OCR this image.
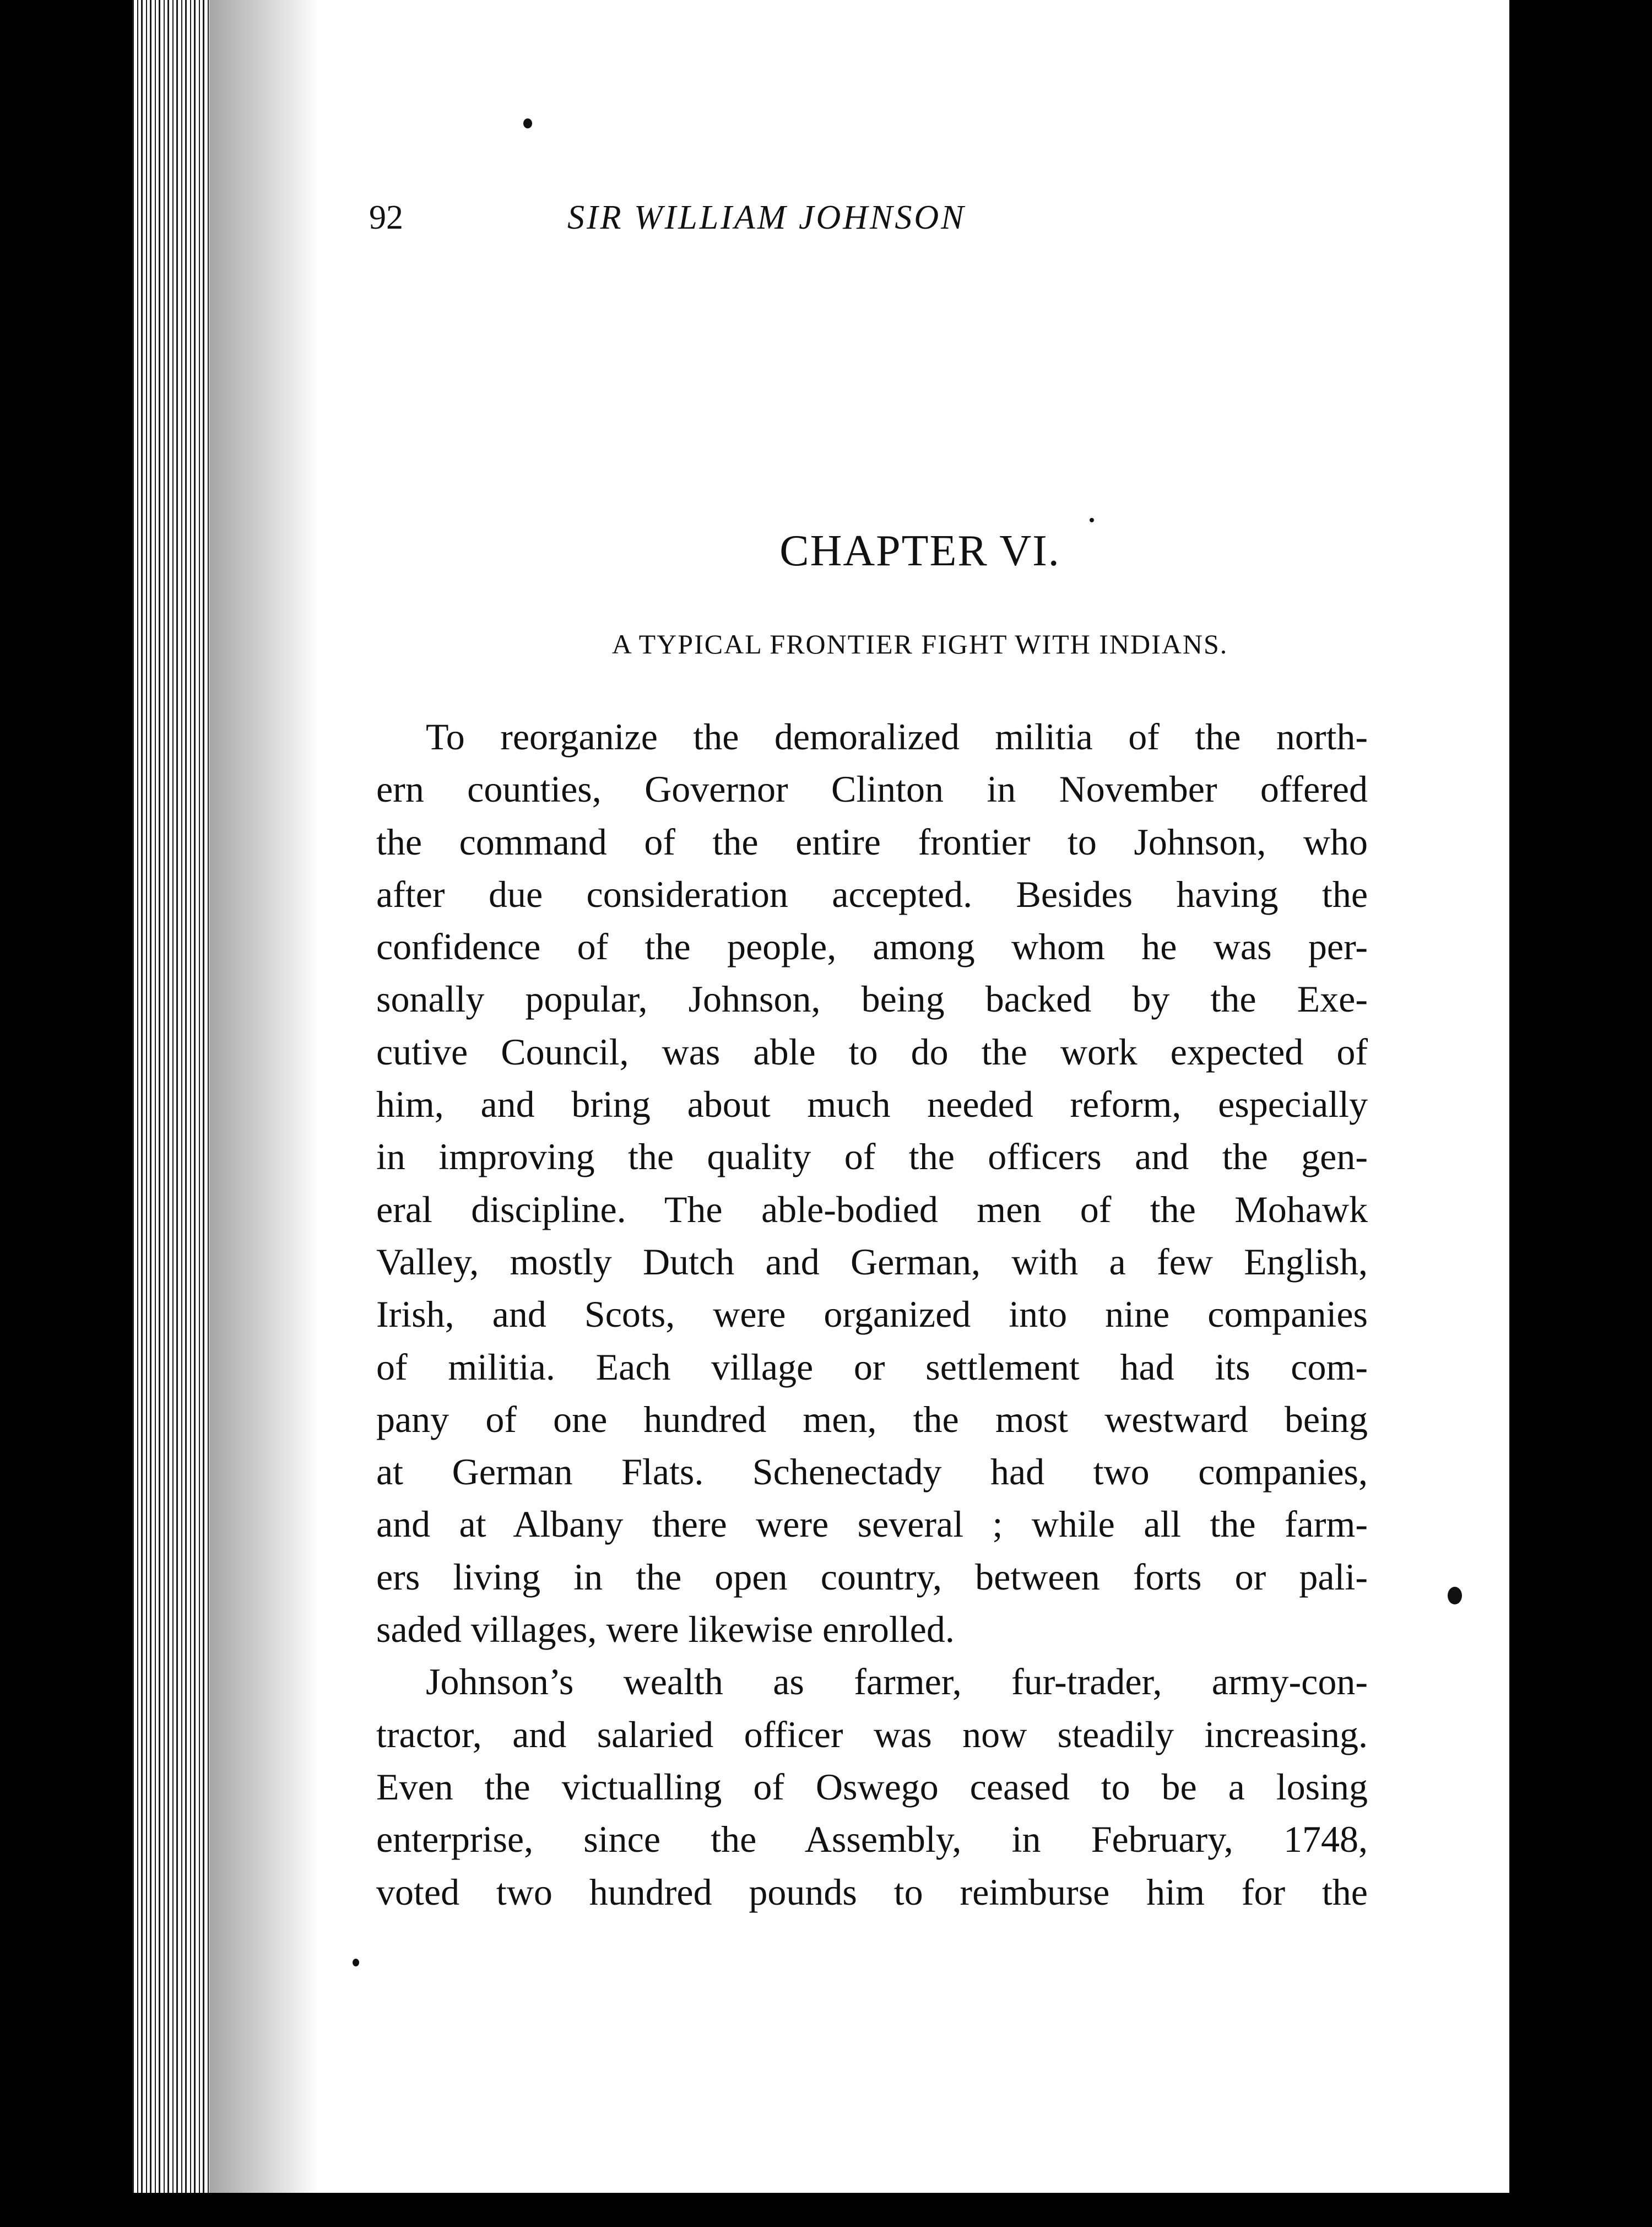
92	SIR WILLIAM JOHNSON
CHAPTER VI.
A TYPICAL FRONTIER FIGHT WITH INDIANS.
To reorganize the demoralized militia of the north-
ern counties, Governor Clinton in November offered
the command of the entire frontier to Johnson, who
after due consideration accepted. Besides having the
confidence of the people, among whom he was per-
sonally popular, Johnson, being backed by the Exe-
cutive Council, was able to do the work expected of
him, and bring about much needed reform, especially
in improving the quality of the officers and the gen-
eral discipline. The able-bodied men of the Mohawk
Valley, mostly Dutch and German, with a few English,
Irish, and Scots, were organized into nine companies
of militia. Each village or settlement had its com-
pany of one hundred men, the most westward being
at German Flats. Schenectady had two companies,
and at Albany there were several ; while all the farm-
ers living in the open country, between forts or pali-
saded villages, were likewise enrolled.
Johnson’s wealth as farmer, fur-trader, army-con-
tractor, and salaried officer was now steadily increasing.
Even the victualling of Oswego ceased to be a losing
enterprise, since the Assembly, in February, 1748,
voted two hundred pounds to reimburse him for the
